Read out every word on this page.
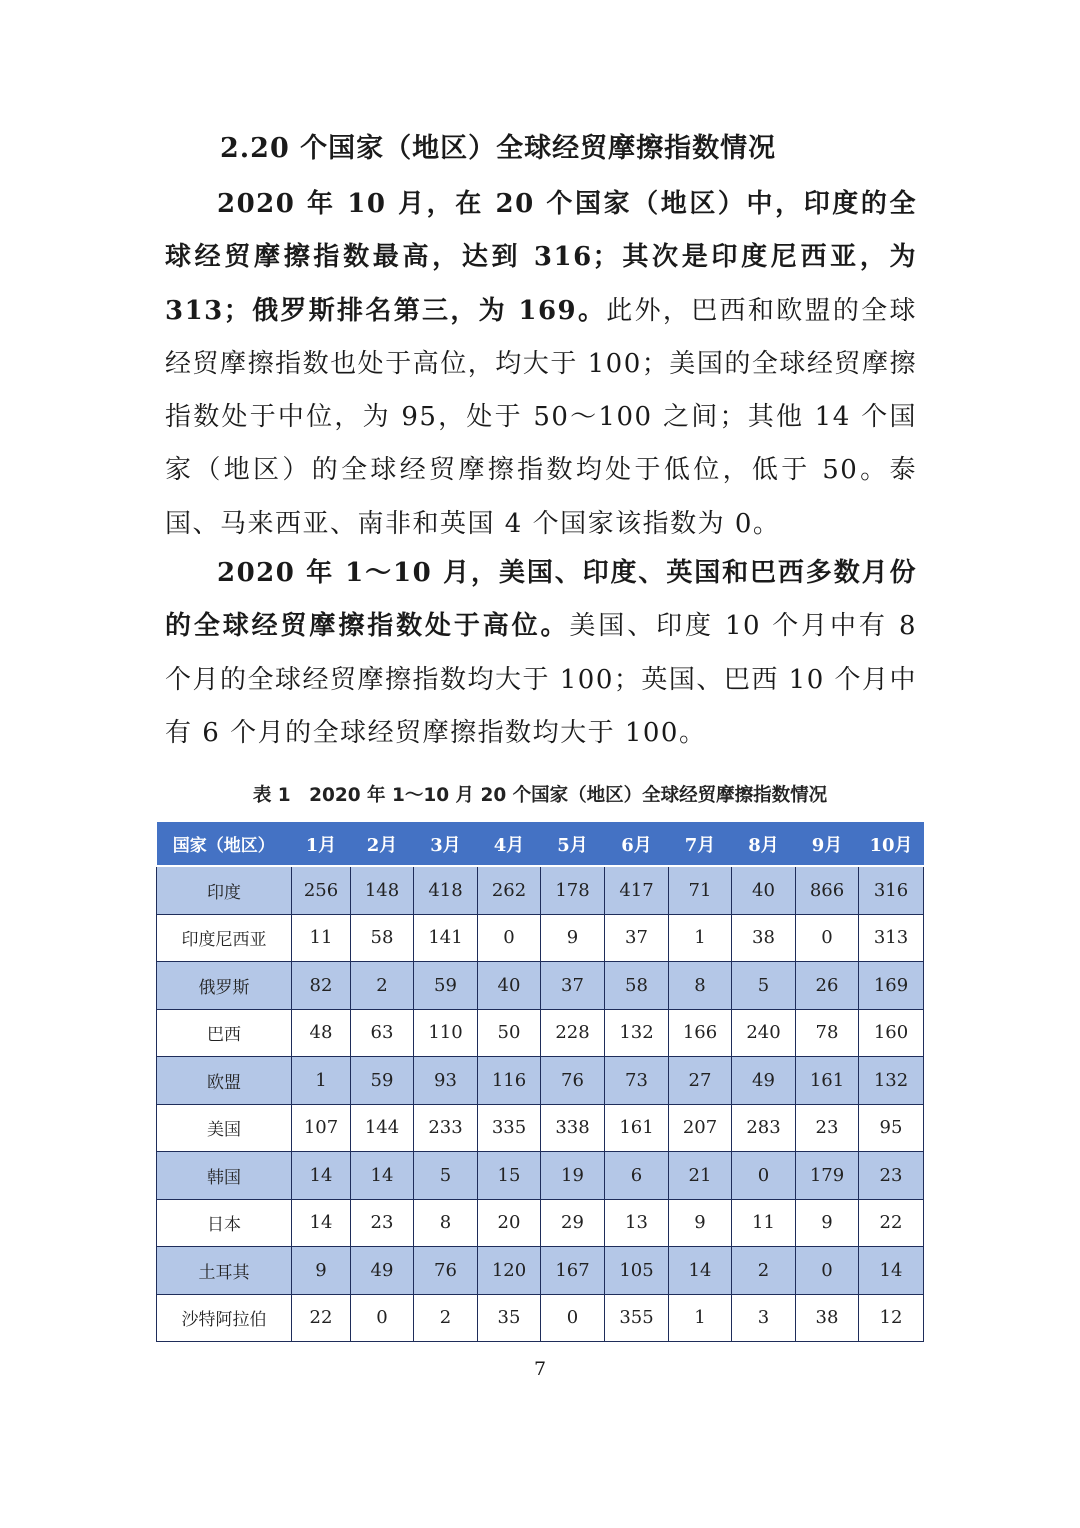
2.20 个国家（地区）全球经贸摩擦指数情况

2020 年 10 月，在 20 个国家（地区）中，印度的全球经贸摩擦指数最高，达到 316；其次是印度尼西亚，为 313；俄罗斯排名第三，为 169。此外，巴西和欧盟的全球经贸摩擦指数也处于高位，均大于 100；美国的全球经贸摩擦指数处于中位，为 95，处于 50～100 之间；其他 14 个国家（地区）的全球经贸摩擦指数均处于低位，低于 50。泰国、马来西亚、南非和英国 4 个国家该指数为 0。

2020 年 1～10 月，美国、印度、英国和巴西多数月份的全球经贸摩擦指数处于高位。美国、印度 10 个月中有 8 个月的全球经贸摩擦指数均大于 100；英国、巴西 10 个月中有 6 个月的全球经贸摩擦指数均大于 100。

表 1　2020 年 1～10 月 20 个国家（地区）全球经贸摩擦指数情况

国家（地区）	1月	2月	3月	4月	5月	6月	7月	8月	9月	10月
印度	256	148	418	262	178	417	71	40	866	316
印度尼西亚	11	58	141	0	9	37	1	38	0	313
俄罗斯	82	2	59	40	37	58	8	5	26	169
巴西	48	63	110	50	228	132	166	240	78	160
欧盟	1	59	93	116	76	73	27	49	161	132
美国	107	144	233	335	338	161	207	283	23	95
韩国	14	14	5	15	19	6	21	0	179	23
日本	14	23	8	20	29	13	9	11	9	22
土耳其	9	49	76	120	167	105	14	2	0	14
沙特阿拉伯	22	0	2	35	0	355	1	3	38	12

7
